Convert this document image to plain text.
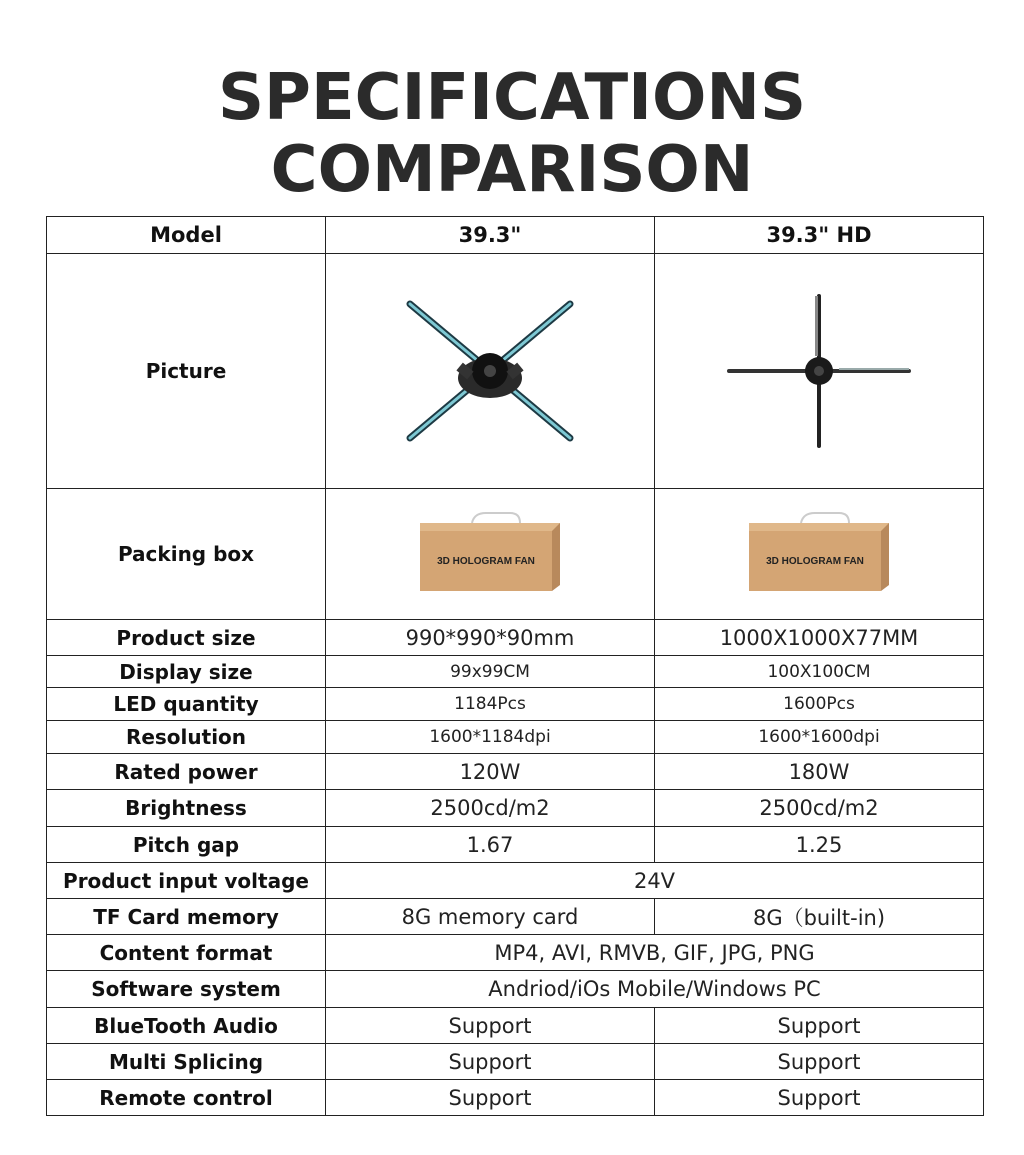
SPECIFICATIONS
COMPARISON
Model	39.3"	39.3" HD
Picture	

Packing box	3D HOLOGRAM FAN	3D HOLOGRAM FAN

Product size	990*990*90mm	1000X1000X77MM
Display size	99x99CM	100X100CM
LED quantity	1184Pcs	1600Pcs
Resolution	1600*1184dpi	1600*1600dpi
Rated power	120W	180W
Brightness	2500cd/m2	2500cd/m2
Pitch gap	1.67	1.25
Product input voltage	24V	
TF Card memory	8G memory card	8G（built-in)
Content format	MP4, AVI, RMVB, GIF, JPG, PNG	
Software system	Andriod/iOs Mobile/Windows PC	
BlueTooth Audio	Support	Support
Multi Splicing	Support	Support
Remote control	Support	Support
